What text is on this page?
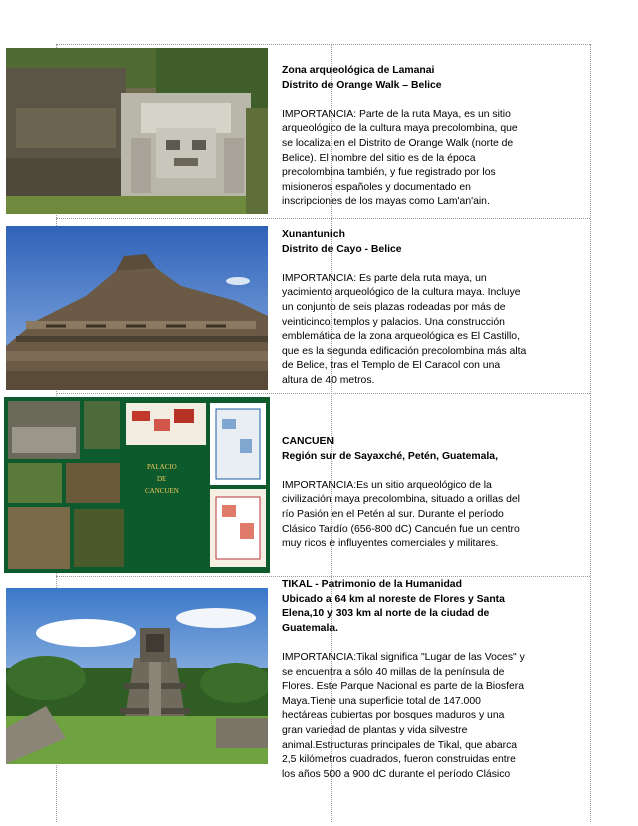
Zona arqueológica de Lamanai

Distrito de Orange Walk – Belice

IMPORTANCIA: Parte de la ruta Maya, es un sitio arqueológico de la cultura maya precolombina, que se localiza en el Distrito de Orange Walk (norte de Belice). El nombre del sitio es de la época precolombina también, y fue registrado por los misioneros españoles y documentado en inscripciones de los mayas como Lam'an'ain.

Xunantunich

Distrito de Cayo - Belice

IMPORTANCIA: Es parte dela ruta maya, un yacimiento arqueológico de la cultura maya. Incluye un conjunto de seis plazas rodeadas por más de veinticinco templos y palacios. Una construcción emblemática de la zona arqueológica es El Castillo, que es la segunda edificación precolombina más alta de Belice, tras el Templo de El Caracol con una altura de 40 metros.

PALACIO
DE
CANCUEN

CANCUEN

Región sur de Sayaxché, Petén, Guatemala,

IMPORTANCIA:Es un sitio arqueológico de la civilización maya precolombina, situado a orillas del río Pasión en el Petén al sur. Durante el período Clásico Tardío (656-800 dC) Cancuén fue un centro muy ricos e influyentes comerciales y militares.

TIKAL - Patrimonio de la Humanidad

Ubicado a 64 km al noreste de Flores y Santa Elena,10 y 303 km al norte de la ciudad de Guatemala.

IMPORTANCIA:Tikal significa "Lugar de las Voces" y se encuentra a sólo 40 millas de la península de Flores. Este Parque Nacional es parte de la Biosfera Maya.Tiene una superficie total de 147.000 hectáreas cubiertas por bosques maduros y una gran variedad de plantas y vida silvestre animal.Estructuras principales de Tikal, que abarca 2,5 kilómetros cuadrados, fueron construidas entre los años 500 a 900 dC durante el período Clásico
